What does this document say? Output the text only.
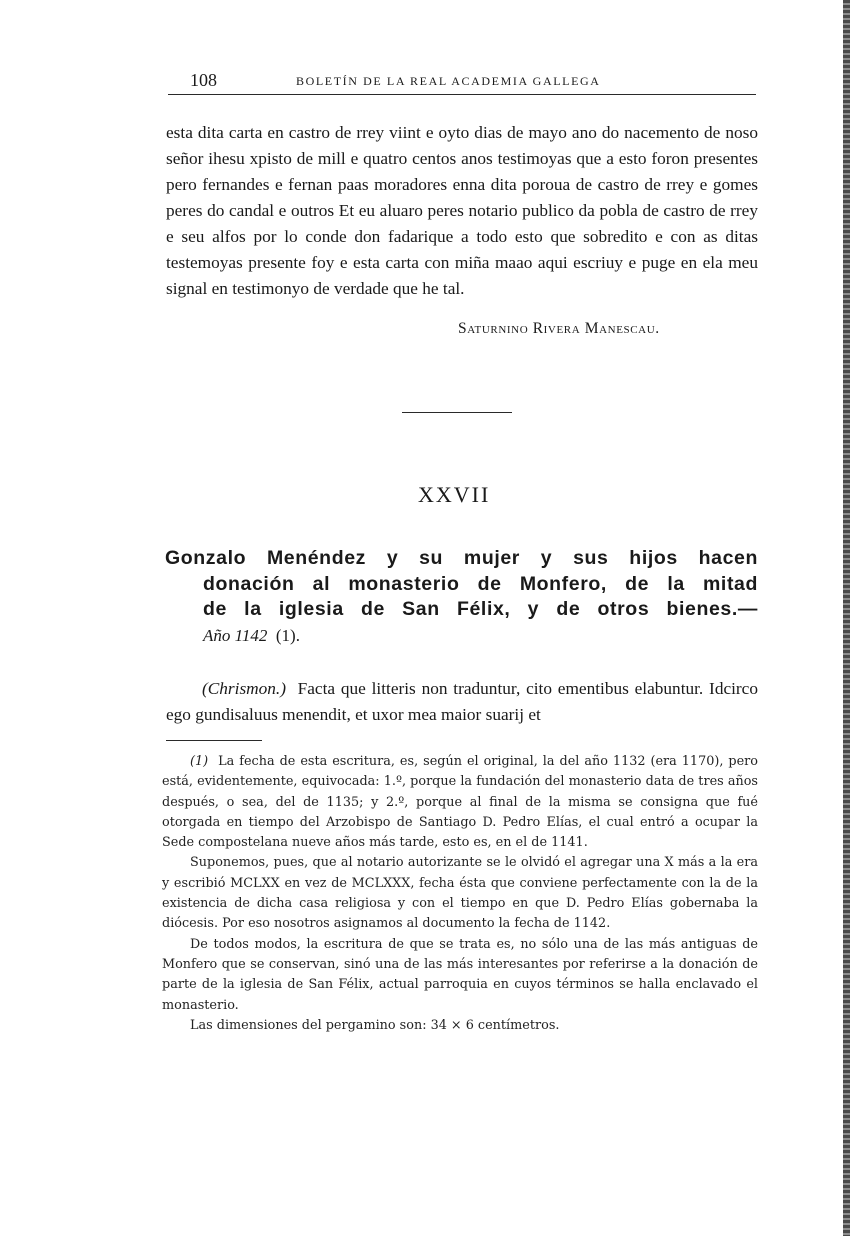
108	BOLETÍN DE LA REAL ACADEMIA GALLEGA

esta dita carta en castro de rrey viint e oyto dias de mayo ano do nacemento de noso señor ihesu xpisto de mill e quatro centos anos testimoyas que a esto foron presentes pero fernandes e fernan paas moradores enna dita poroua de castro de rrey e gomes peres do candal e outros Et eu aluaro peres notario publico da pobla de castro de rrey e seu alfos por lo conde don fadarique a todo esto que sobredito e con as ditas testemoyas presente foy e esta carta con miña maao aqui escriuy e puge en ela meu signal en testimonyo de verdade que he tal.

Saturnino Rivera Manescau.
XXVII
Gonzalo Menéndez y su mujer y sus hijos hacen
donación al monasterio de Monfero, de la mitad
de la iglesia de San Félix, y de otros bienes.—
Año 1142 (1).

(Chrismon.) Facta que litteris non traduntur, cito ementibus elabuntur. Idcirco ego gundisaluus menendit, et uxor mea maior suarij et

(1) La fecha de esta escritura, es, según el original, la del año 1132 (era 1170), pero está, evidentemente, equivocada: 1.º, porque la fundación del monasterio data de tres años después, o sea, del de 1135; y 2.º, porque al final de la misma se consigna que fué otorgada en tiempo del Arzobispo de Santiago D. Pedro Elías, el cual entró a ocupar la Sede compostelana nueve años más tarde, esto es, en el de 1141.

Suponemos, pues, que al notario autorizante se le olvidó el agregar una X más a la era y escribió MCLXX en vez de MCLXXX, fecha ésta que conviene perfectamente con la de la existencia de dicha casa religiosa y con el tiempo en que D. Pedro Elías gobernaba la diócesis. Por eso nosotros asignamos al documento la fecha de 1142.

De todos modos, la escritura de que se trata es, no sólo una de las más antiguas de Monfero que se conservan, sinó una de las más interesantes por referirse a la donación de parte de la iglesia de San Félix, actual parroquia en cuyos términos se halla enclavado el monasterio.

Las dimensiones del pergamino son: 34 × 6 centímetros.
